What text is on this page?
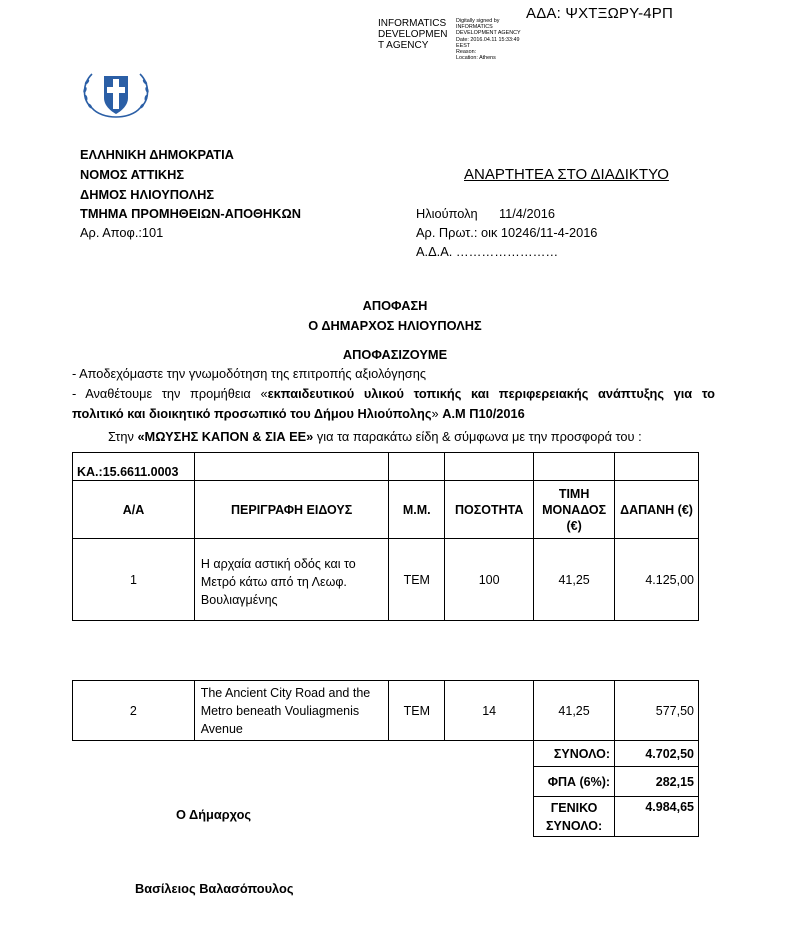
INFORMATICS
DEVELOPMEN
T AGENCY
Digitally signed by
INFORMATICS
DEVELOPMENT AGENCY
Date: 2016.04.11 15:33:49
EEST
Reason:
Location: Athens
ΑΔΑ: ΨΧΤΞΩΡΥ-4ΡΠ
ΕΛΛΗΝΙΚΗ ΔΗΜΟΚΡΑΤΙΑ
ΝΟΜΟΣ ΑΤΤΙΚΗΣ
ΔΗΜΟΣ ΗΛΙΟΥΠΟΛΗΣ
ΤΜΗΜΑ ΠΡΟΜΗΘΕΙΩΝ-ΑΠΟΘΗΚΩΝ
Αρ. Αποφ.:101
ΑΝΑΡΤΗΤΕΑ ΣΤΟ ΔΙΑΔΙΚΤΥΟ
Ηλιούπολη      11/4/2016
Αρ. Πρωτ.: οικ 10246/11-4-2016
Α.Δ.Α. ……………………
ΑΠΟΦΑΣΗ
Ο ΔΗΜΑΡΧΟΣ ΗΛΙΟΥΠΟΛΗΣ
ΑΠΟΦΑΣΙΖΟΥΜΕ
- Αποδεχόμαστε την γνωμοδότηση της επιτροπής αξιολόγησης
- Αναθέτουμε την προμήθεια «εκπαιδευτικού υλικού τοπικής και περιφερειακής ανάπτυξης για το
πολιτικό και διοικητικό προσωπικό του Δήμου Ηλιούπολης» Α.Μ Π10/2016
Στην «ΜΩΥΣΗΣ ΚΑΠΟΝ & ΣΙΑ ΕΕ» για τα παρακάτω είδη & σύμφωνα με την προσφορά του :
ΚΑ.:15.6611.0003					
Α/Α	ΠΕΡΙΓΡΑΦΗ ΕΙΔΟΥΣ	Μ.Μ.	ΠΟΣΟΤΗΤΑ	ΤΙΜΗ ΜΟΝΑΔΟΣ (€)	ΔΑΠΑΝΗ (€)
1	Η αρχαία αστική οδός και το Μετρό κάτω από τη Λεωφ. Βουλιαγμένης	ΤΕΜ	100	41,25	4.125,00
2	The Ancient City Road and the Metro beneath Vouliagmenis Avenue	ΤΕΜ	14	41,25	577,50
				ΣΥΝΟΛΟ:	4.702,50
				ΦΠΑ (6%):	282,15
				ΓΕΝΙΚΟ ΣΥΝΟΛΟ:	4.984,65
Ο Δήμαρχος
Βασίλειος Βαλασόπουλος
